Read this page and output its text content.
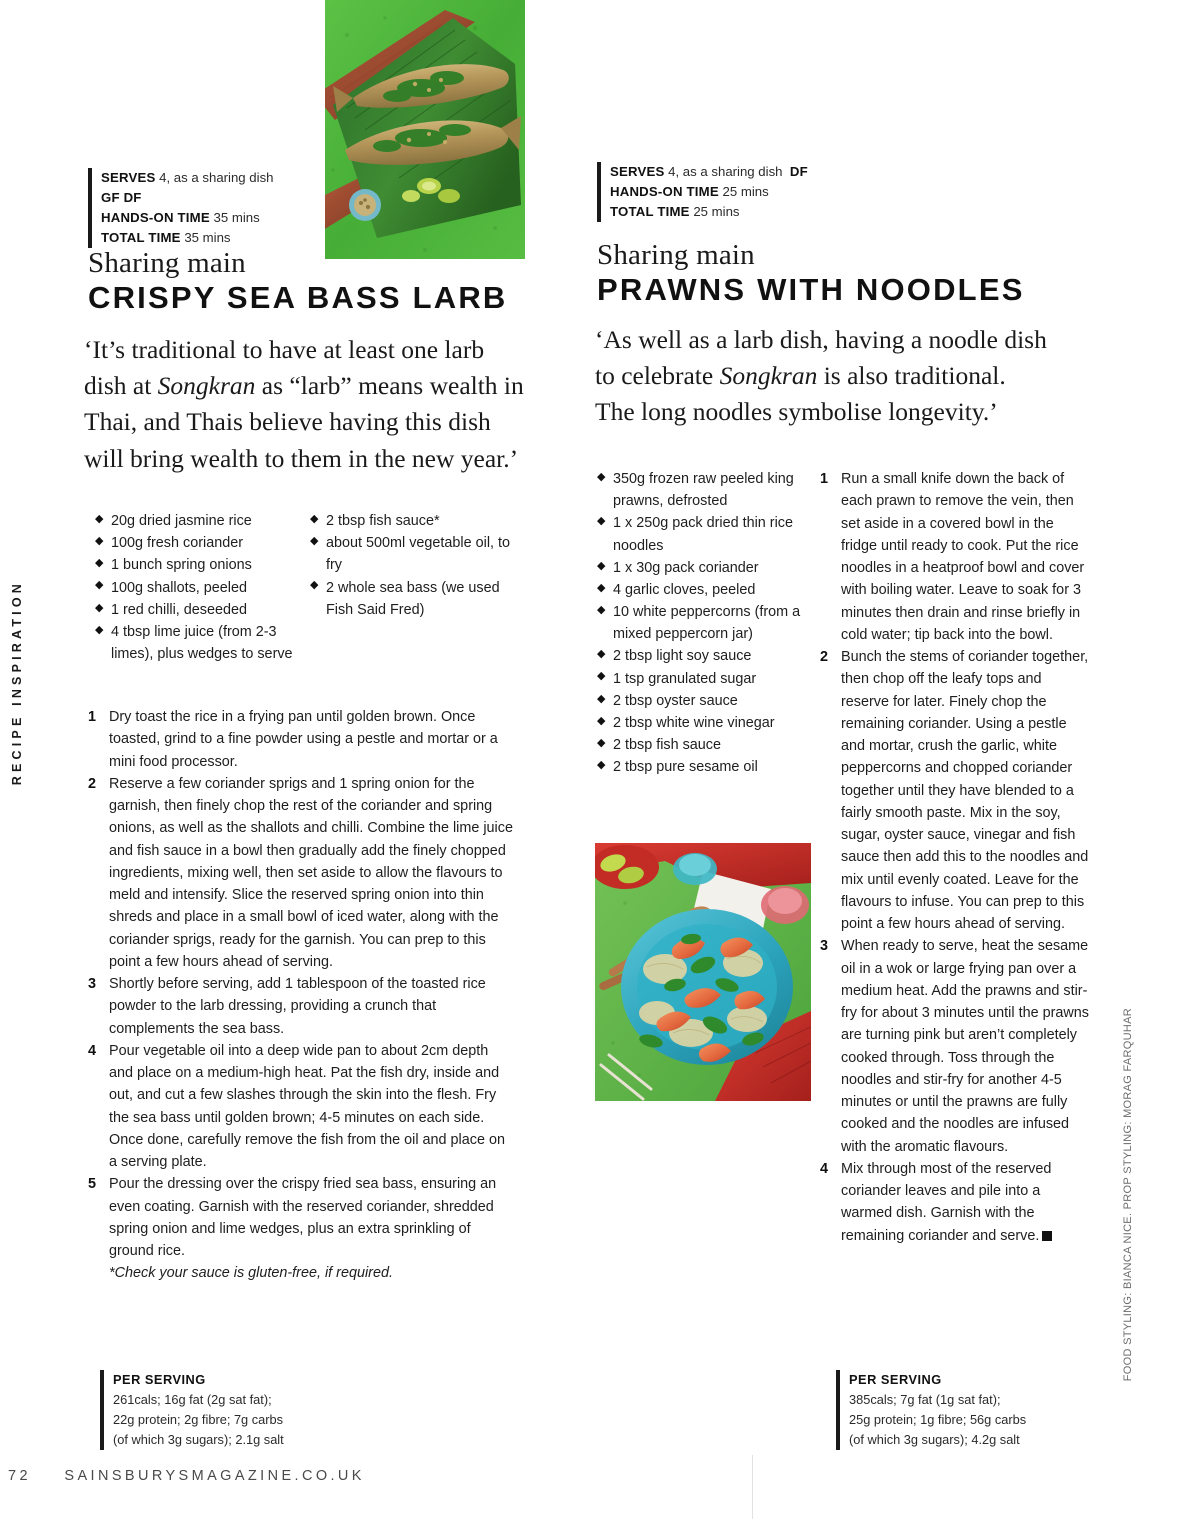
RECIPE INSPIRATION
FOOD STYLING: BIANCA NICE. PROP STYLING: MORAG FARQUHAR
SERVES 4, as a sharing dish
GF DF
HANDS-ON TIME 35 mins
TOTAL TIME 35 mins
Sharing main
CRISPY SEA BASS LARB
‘It’s traditional to have at least one larb dish at Songkran as “larb” means wealth in Thai, and Thais believe having this dish will bring wealth to them in the new year.’
◆ 20g dried jasmine rice
◆ 100g fresh coriander
◆ 1 bunch spring onions
◆ 100g shallots, peeled
◆ 1 red chilli, deseeded
◆ 4 tbsp lime juice (from 2-3 limes), plus wedges to serve
◆ 2 tbsp fish sauce*
◆ about 500ml vegetable oil, to fry
◆ 2 whole sea bass (we used Fish Said Fred)
1 Dry toast the rice in a frying pan until golden brown. Once toasted, grind to a fine powder using a pestle and mortar or a mini food processor.
2 Reserve a few coriander sprigs and 1 spring onion for the garnish, then finely chop the rest of the coriander and spring onions, as well as the shallots and chilli. Combine the lime juice and fish sauce in a bowl then gradually add the finely chopped ingredients, mixing well, then set aside to allow the flavours to meld and intensify. Slice the reserved spring onion into thin shreds and place in a small bowl of iced water, along with the coriander sprigs, ready for the garnish. You can prep to this point a few hours ahead of serving.
3 Shortly before serving, add 1 tablespoon of the toasted rice powder to the larb dressing, providing a crunch that complements the sea bass.
4 Pour vegetable oil into a deep wide pan to about 2cm depth and place on a medium-high heat. Pat the fish dry, inside and out, and cut a few slashes through the skin into the flesh. Fry the sea bass until golden brown; 4-5 minutes on each side. Once done, carefully remove the fish from the oil and place on a serving plate.
5 Pour the dressing over the crispy fried sea bass, ensuring an even coating. Garnish with the reserved coriander, shredded spring onion and lime wedges, plus an extra sprinkling of ground rice.
*Check your sauce is gluten-free, if required.
PER SERVING
261cals; 16g fat (2g sat fat);
22g protein; 2g fibre; 7g carbs
(of which 3g sugars); 2.1g salt
SERVES 4, as a sharing dish DF
HANDS-ON TIME 25 mins
TOTAL TIME 25 mins
Sharing main
PRAWNS WITH NOODLES
‘As well as a larb dish, having a noodle dish to celebrate Songkran is also traditional. The long noodles symbolise longevity.’
◆ 350g frozen raw peeled king prawns, defrosted
◆ 1 x 250g pack dried thin rice noodles
◆ 1 x 30g pack coriander
◆ 4 garlic cloves, peeled
◆ 10 white peppercorns (from a mixed peppercorn jar)
◆ 2 tbsp light soy sauce
◆ 1 tsp granulated sugar
◆ 2 tbsp oyster sauce
◆ 2 tbsp white wine vinegar
◆ 2 tbsp fish sauce
◆ 2 tbsp pure sesame oil
1 Run a small knife down the back of each prawn to remove the vein, then set aside in a covered bowl in the fridge until ready to cook. Put the rice noodles in a heatproof bowl and cover with boiling water. Leave to soak for 3 minutes then drain and rinse briefly in cold water; tip back into the bowl.
2 Bunch the stems of coriander together, then chop off the leafy tops and reserve for later. Finely chop the remaining coriander. Using a pestle and mortar, crush the garlic, white peppercorns and chopped coriander together until they have blended to a fairly smooth paste. Mix in the soy, sugar, oyster sauce, vinegar and fish sauce then add this to the noodles and mix until evenly coated. Leave for the flavours to infuse. You can prep to this point a few hours ahead of serving.
3 When ready to serve, heat the sesame oil in a wok or large frying pan over a medium heat. Add the prawns and stir-fry for about 3 minutes until the prawns are turning pink but aren’t completely cooked through. Toss through the noodles and stir-fry for another 4-5 minutes or until the prawns are fully cooked and the noodles are infused with the aromatic flavours.
4 Mix through most of the reserved coriander leaves and pile into a warmed dish. Garnish with the remaining coriander and serve.
PER SERVING
385cals; 7g fat (1g sat fat);
25g protein; 1g fibre; 56g carbs
(of which 3g sugars); 4.2g salt
72 SAINSBURYSMAGAZINE.CO.UK
